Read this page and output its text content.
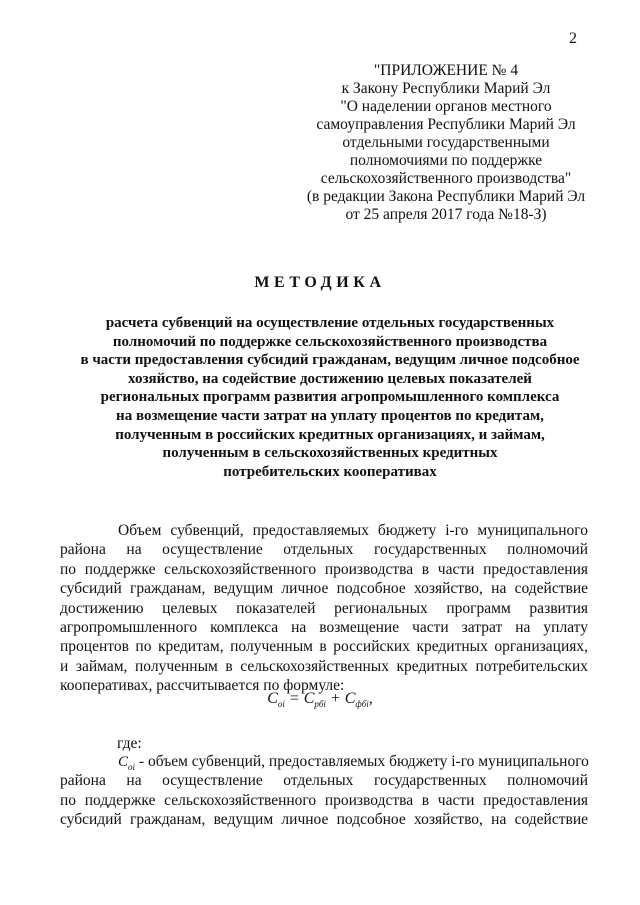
2
"ПРИЛОЖЕНИЕ № 4
к Закону Республики Марий Эл
"О наделении органов местного
самоуправления Республики Марий Эл
отдельными государственными
полномочиями по поддержке
сельскохозяйственного производства"
(в редакции Закона Республики Марий Эл
от 25 апреля 2017 года №18-З)
МЕТОДИКА
расчета субвенций на осуществление отдельных государственных
полномочий по поддержке сельскохозяйственного производства
в части предоставления субсидий гражданам, ведущим личное подсобное
хозяйство, на содействие достижению целевых показателей
региональных программ развития агропромышленного комплекса
на возмещение части затрат на уплату процентов по кредитам,
полученным в российских кредитных организациях, и займам,
полученным в сельскохозяйственных кредитных
потребительских кооперативах
Объем субвенций, предоставляемых бюджету i-го муниципального
района на осуществление отдельных государственных полномочий
по поддержке сельскохозяйственного производства в части предоставления
субсидий гражданам, ведущим личное подсобное хозяйство, на содействие
достижению целевых показателей региональных программ развития
агропромышленного комплекса на возмещение части затрат на уплату
процентов по кредитам, полученным в российских кредитных организациях,
и займам, полученным в сельскохозяйственных кредитных потребительских
кооперативах, рассчитывается по формуле:
$C_{oi} = C_{рбi} + C_{фбi}$,
где:
$C_{oi}$ - объем субвенций, предоставляемых бюджету i-го муниципального
района на осуществление отдельных государственных полномочий
по поддержке сельскохозяйственного производства в части предоставления
субсидий гражданам, ведущим личное подсобное хозяйство, на содействие
